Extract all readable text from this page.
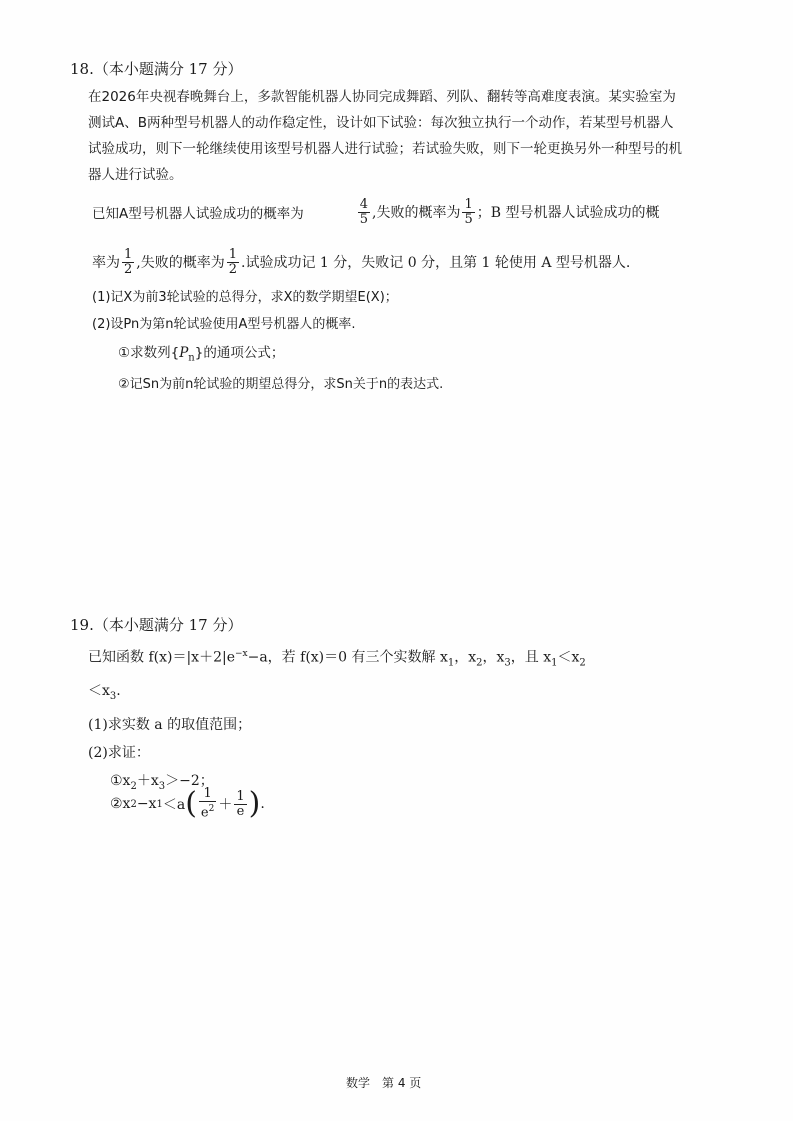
18.（本小题满分 17 分）
在2026年央视春晚舞台上，多款智能机器人协同完成舞蹈、列队、翻转等高难度表演。某实验室为
测试A、B两种型号机器人的动作稳定性，设计如下试验：每次独立执行一个动作，若某型号机器人
试验成功，则下一轮继续使用该型号机器人进行试验；若试验失败，则下一轮更换另外一种型号的机
器人进行试验。
已知A型号机器人试验成功的概率为	$\frac{4}{5}$ ,失败的概率为 $\frac{1}{5}$ ；B 型号机器人试验成功的概
率为 $\frac{1}{2}$ ,失败的概率为 $\frac{1}{2}$ .试验成功记 1 分，失败记 0 分，且第 1 轮使用 A 型号机器人.
(1)记X为前3轮试验的总得分，求X的数学期望E(X)；
(2)设Pn为第n轮试验使用A型号机器人的概率.
①求数列$\{P_n\}$的通项公式；
②记Sn为前n轮试验的期望总得分，求Sn关于n的表达式.
19.（本小题满分 17 分）
已知函数 $f(x)=|x+2|e^{-x}-a$，若 f(x)＝0 有三个实数解 $x_1$，$x_2$，$x_3$，且 $x_1<x_2$
$<x_3$.
(1)求实数 a 的取值范围；
(2)求证：
$①x_2+x_3>-2$；
②x 2 −x 1 ＜a ( $\frac{1}{e^2} + \frac{1}{e}$ ) .
数学　第 4 页
